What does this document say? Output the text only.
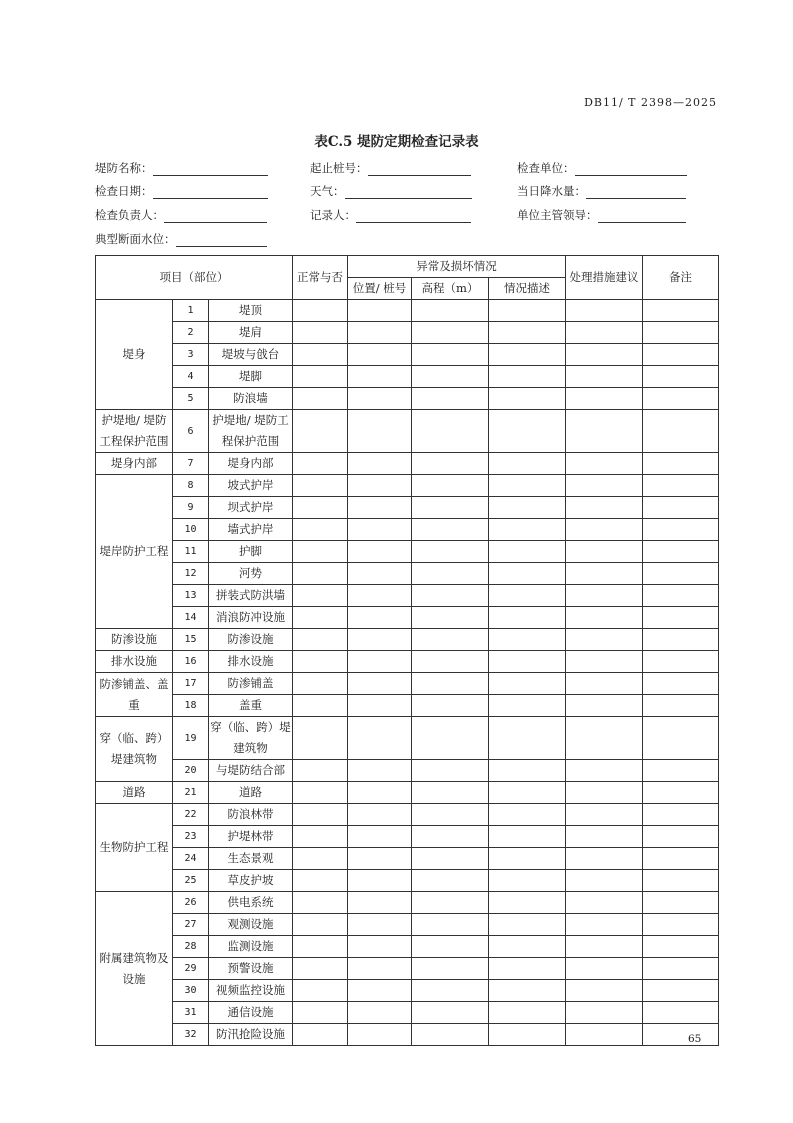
DB11/ T 2398—2025
表C.5 堤防定期检查记录表
堤防名称：	起止桩号：	检查单位：
检查日期：	天气：	当日降水量：
检查负责人：	记录人：	单位主管领导：
典型断面水位：
项目（部位）			正常与否	异常及损坏情况			处理措施建议	备注
				位置/ 桩号	高程（m）	情况描述		
堤身	1	堤顶						
	2	堤肩						
	3	堤坡与戗台						
	4	堤脚						
	5	防浪墙						
护堤地/ 堤防工程保护范围	6	护堤地/ 堤防工程保护范围						
堤身内部	7	堤身内部						
堤岸防护工程	8	坡式护岸						
	9	坝式护岸						
	10	墙式护岸						
	11	护脚						
	12	河势						
	13	拼装式防洪墙						
	14	消浪防冲设施						
防渗设施	15	防渗设施						
排水设施	16	排水设施						
防渗铺盖、盖重	17	防渗铺盖						
	18	盖重						
穿（临、跨）堤建筑物	19	穿（临、跨）堤建筑物						
	20	与堤防结合部						
道路	21	道路						
生物防护工程	22	防浪林带						
	23	护堤林带						
	24	生态景观						
	25	草皮护坡						
附属建筑物及设施	26	供电系统						
	27	观测设施						
	28	监测设施						
	29	预警设施						
	30	视频监控设施						
	31	通信设施						
	32	防汛抢险设施							65
